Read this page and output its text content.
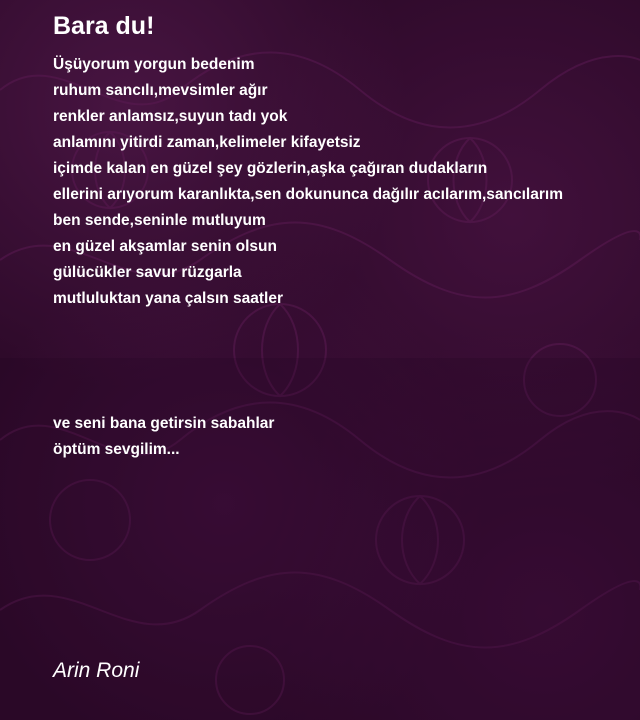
Bara du!
Üşüyorum yorgun bedenim
ruhum sancılı,mevsimler ağır
renkler anlamsız,suyun tadı yok
anlamını yitirdi zaman,kelimeler kifayetsiz
içimde kalan en güzel şey gözlerin,aşka çağıran dudakların
ellerini arıyorum karanlıkta,sen dokununca dağılır acılarım,sancılarım
ben sende,seninle mutluyum
en güzel akşamlar senin olsun
gülücükler savur rüzgarla
mutluluktan yana çalsın saatler
ve seni bana getirsin sabahlar
öptüm sevgilim...
Arin Roni
